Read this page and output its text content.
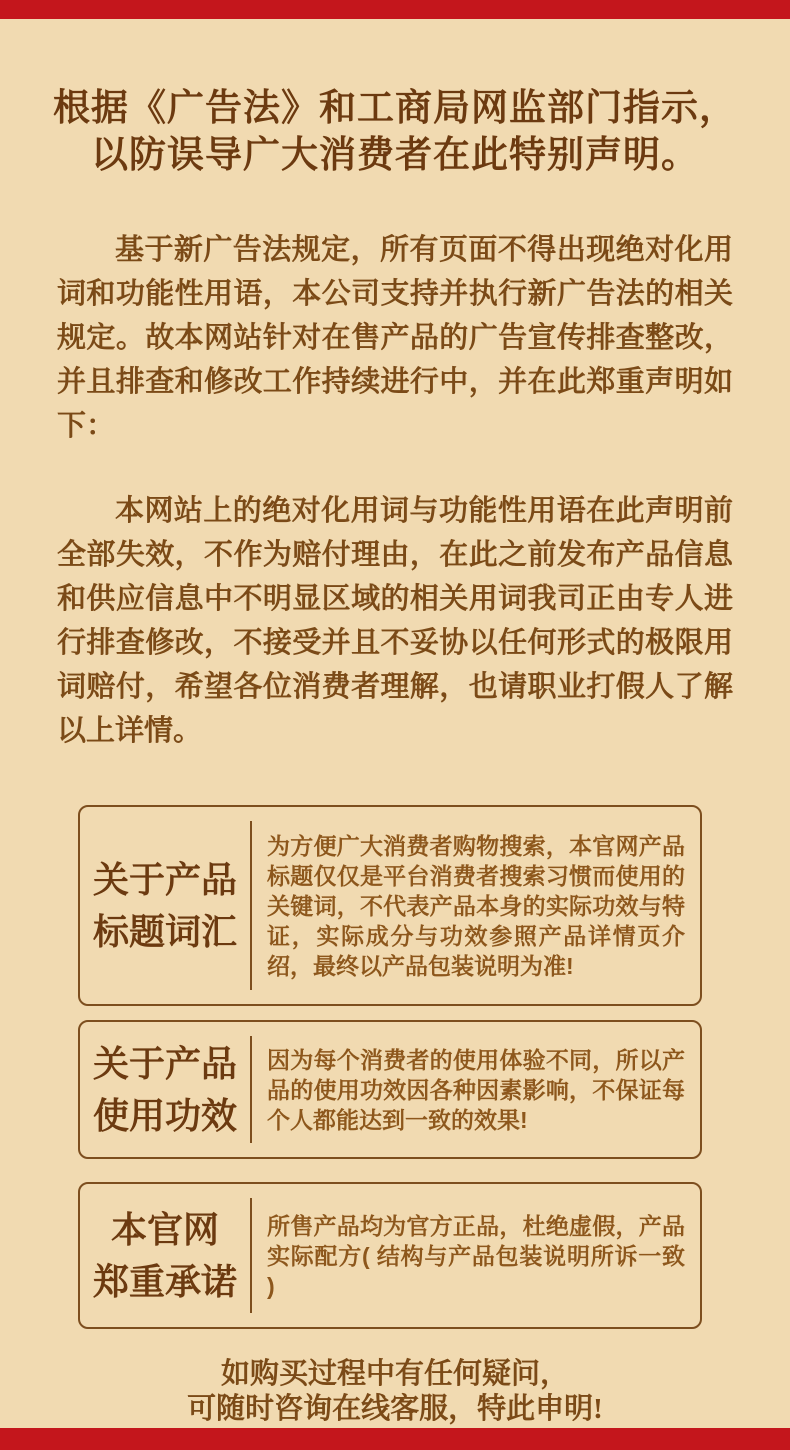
根据《广告法》和工商局网监部门指示，
以防误导广大消费者在此特别声明。

基于新广告法规定，所有页面不得出现绝对化用词和功能性用语，本公司支持并执行新广告法的相关规定。故本网站针对在售产品的广告宣传排查整改，并且排查和修改工作持续进行中，并在此郑重声明如下：

本网站上的绝对化用词与功能性用语在此声明前全部失效，不作为赔付理由，在此之前发布产品信息和供应信息中不明显区域的相关用词我司正由专人进行排查修改，不接受并且不妥协以任何形式的极限用词赔付，希望各位消费者理解，也请职业打假人了解以上详情。

关于产品
标题词汇

为方便广大消费者购物搜索，本官网产品标题仅仅是平台消费者搜索习惯而使用的关键词，不代表产品本身的实际功效与特证，实际成分与功效参照产品详情页介绍，最终以产品包装说明为准!

关于产品
使用功效

因为每个消费者的使用体验不同，所以产品的使用功效因各种因素影响，不保证每个人都能达到一致的效果!

本官网
郑重承诺

所售产品均为官方正品，杜绝虚假，产品实际配方( 结构与产品包装说明所诉一致 )

如购买过程中有任何疑问，
可随时咨询在线客服，特此申明!
